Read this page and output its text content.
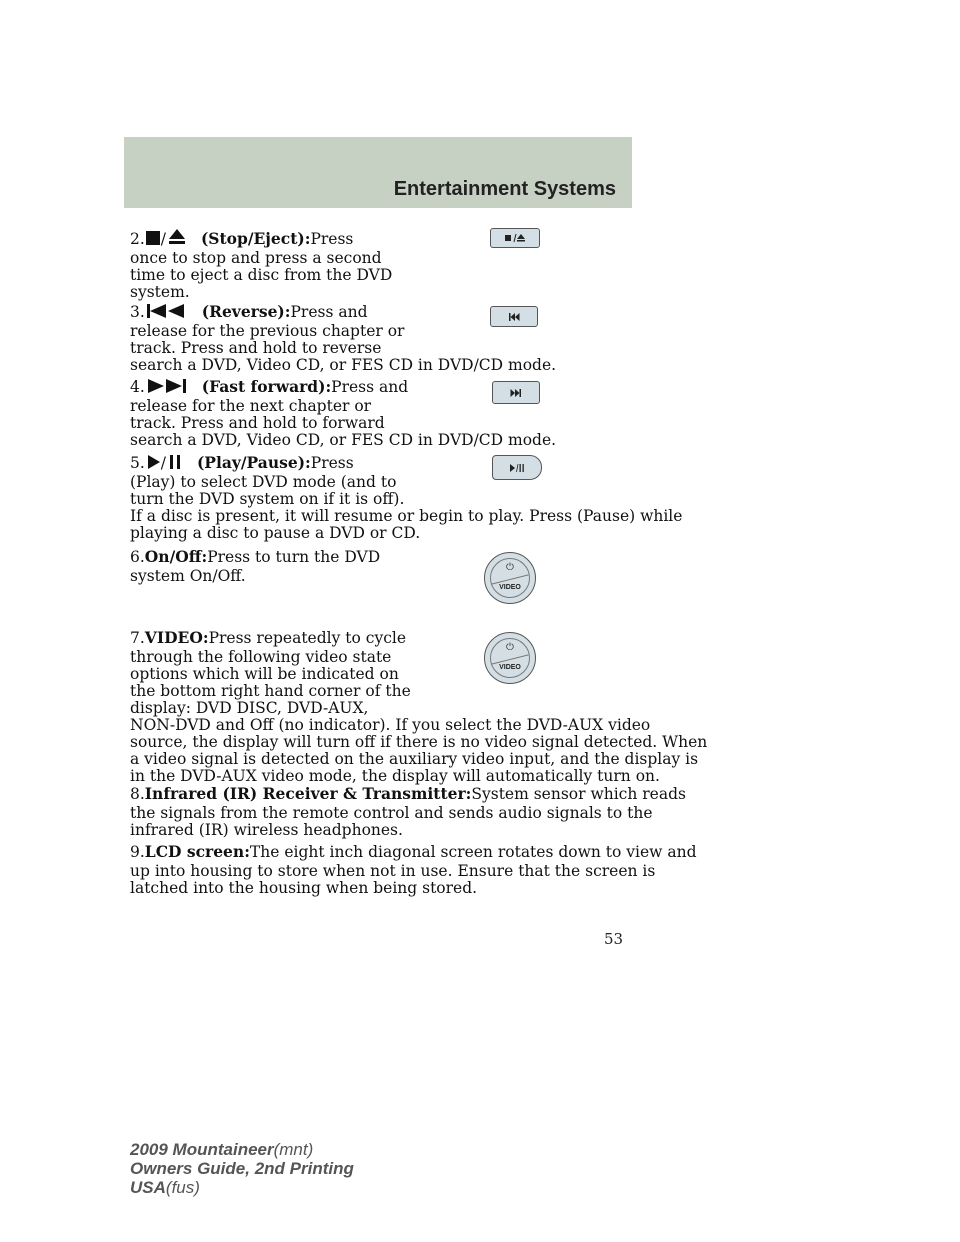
Entertainment Systems
2. / (Stop/Eject):Press
once to stop and press a second
time to eject a disc from the DVD
system.
3.	(Reverse):Press and
release for the previous chapter or
track. Press and hold to reverse
search a DVD, Video CD, or FES CD in DVD/CD mode.
4.	(Fast forward):Press and
release for the next chapter or
track. Press and hold to forward
search a DVD, Video CD, or FES CD in DVD/CD mode.
5. / (Play/Pause):Press
(Play) to select DVD mode (and to
turn the DVD system on if it is off).
If a disc is present, it will resume or begin to play. Press (Pause) while
playing a disc to pause a DVD or CD.
6.On/Off:Press to turn the DVD
system On/Off.	⏻
VIDEO
7.VIDEO:Press repeatedly to cycle
through the following video state
options which will be indicated on
the bottom right hand corner of the
display: DVD DISC, DVD-AUX,
NON-DVD and Off (no indicator). If you select the DVD-AUX video
source, the display will turn off if there is no video signal detected. When
a video signal is detected on the auxiliary video input, and the display is
in the DVD-AUX video mode, the display will automatically turn on.
⏻
VIDEO
8.Infrared (IR) Receiver & Transmitter:System sensor which reads
the signals from the remote control and sends audio signals to the
infrared (IR) wireless headphones.
9.LCD screen:The eight inch diagonal screen rotates down to view and
up into housing to store when not in use. Ensure that the screen is
latched into the housing when being stored.
53
2009 Mountaineer(mnt)
Owners Guide, 2nd Printing
USA(fus)
